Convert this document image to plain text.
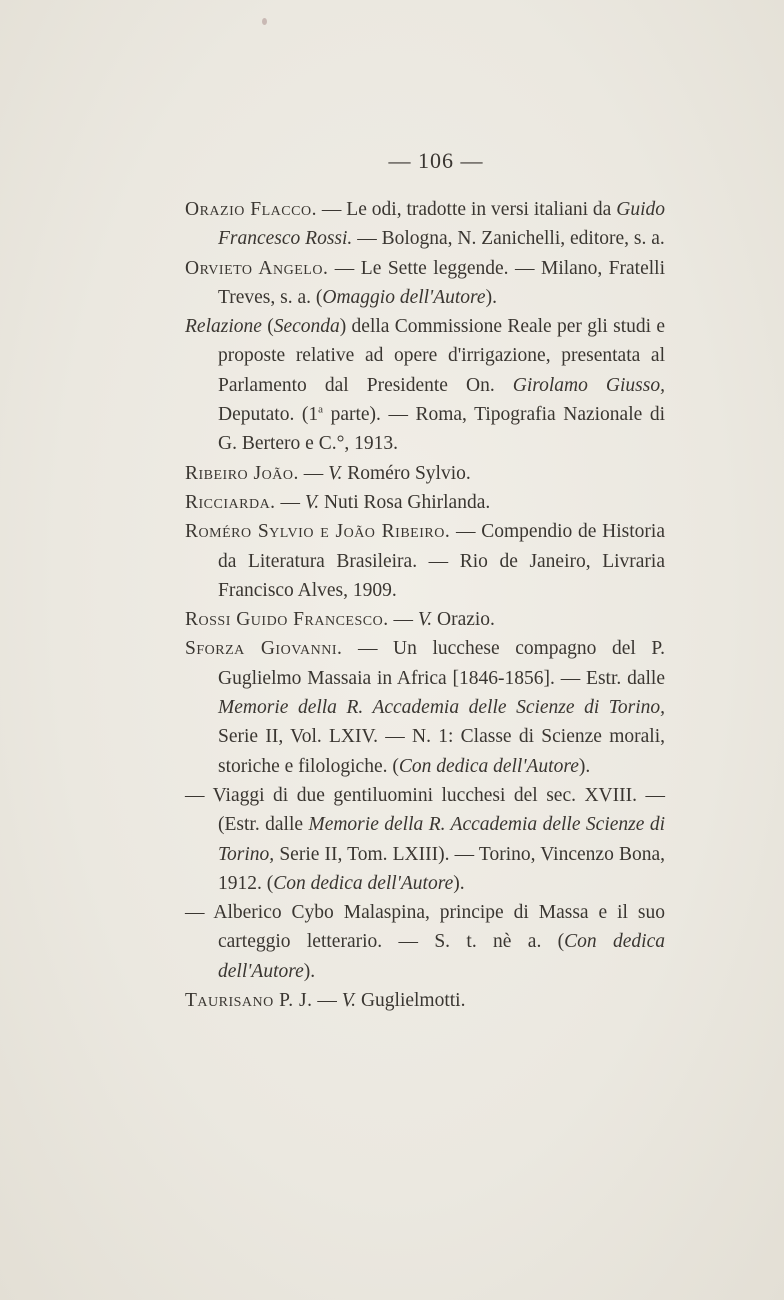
— 106 —

Orazio Flacco. — Le odi, tradotte in versi italiani da Guido Francesco Rossi. — Bologna, N. Zanichelli, editore, s. a.

Orvieto Angelo. — Le Sette leggende. — Milano, Fratelli Treves, s. a. (Omaggio dell'Autore).

Relazione (Seconda) della Commissione Reale per gli studi e proposte relative ad opere d'irrigazione, presentata al Parlamento dal Presidente On. Girolamo Giusso, Deputato. (1$^a$ parte). — Roma, Tipografia Nazionale di G. Bertero e C.°, 1913.

Ribeiro João. — V. Roméro Sylvio.

Ricciarda. — V. Nuti Rosa Ghirlanda.

Roméro Sylvio e João Ribeiro. — Compendio de Historia da Literatura Brasileira. — Rio de Janeiro, Livraria Francisco Alves, 1909.

Rossi Guido Francesco. — V. Orazio.

Sforza Giovanni. — Un lucchese compagno del P. Guglielmo Massaia in Africa [1846-1856]. — Estr. dalle Memorie della R. Accademia delle Scienze di Torino, Serie II, Vol. LXIV. — N. 1: Classe di Scienze morali, storiche e filologiche. (Con dedica dell'Autore).

— Viaggi di due gentiluomini lucchesi del sec. XVIII. — (Estr. dalle Memorie della R. Accademia delle Scienze di Torino, Serie II, Tom. LXIII). — Torino, Vincenzo Bona, 1912. (Con dedica dell'Autore).

— Alberico Cybo Malaspina, principe di Massa e il suo carteggio letterario. — S. t. nè a. (Con dedica dell'Autore).

Taurisano P. J. — V. Guglielmotti.
